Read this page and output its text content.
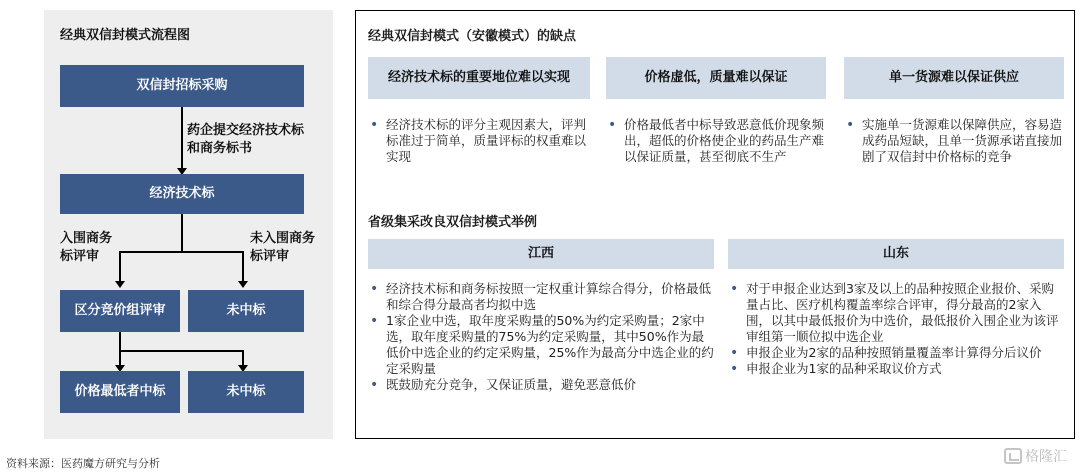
经典双信封模式流程图
双信封招标采购
药企提交经济技术标和商务标书
经济技术标
入围商务标评审
未入围商务标评审
区分竞价组评审	未中标
价格最低者中标	未中标
经典双信封模式（安徽模式）的缺点
经济技术标的重要地位难以实现	价格虚低，质量难以保证	单一货源难以保证供应
• 经济技术标的评分主观因素大，评判标准过于简单，质量评标的权重难以实现
• 价格最低者中标导致恶意低价现象频出，超低的价格使企业的药品生产难以保证质量，甚至彻底不生产
• 实施单一货源难以保障供应，容易造成药品短缺，且单一货源承诺直接加剧了双信封中价格标的竞争
省级集采改良双信封模式举例
江西	山东
• 经济技术标和商务标按照一定权重计算综合得分，价格最低和综合得分最高者均拟中选
• 1家企业中选，取年度采购量的50%为约定采购量；2家中选，取年度采购量的75%为约定采购量，其中50%作为最低价中选企业的约定采购量，25%作为最高分中选企业的约定采购量
• 既鼓励充分竞争，又保证质量，避免恶意低价
• 对于申报企业达到3家及以上的品种按照企业报价、采购量占比、医疗机构覆盖率综合评审，得分最高的2家入围，以其中最低报价为中选价，最低报价入围企业为该评审组第一顺位拟中选企业
• 申报企业为2家的品种按照销量覆盖率计算得分后议价
• 申报企业为1家的品种采取议价方式
资料来源：医药魔方研究与分析	格隆汇
